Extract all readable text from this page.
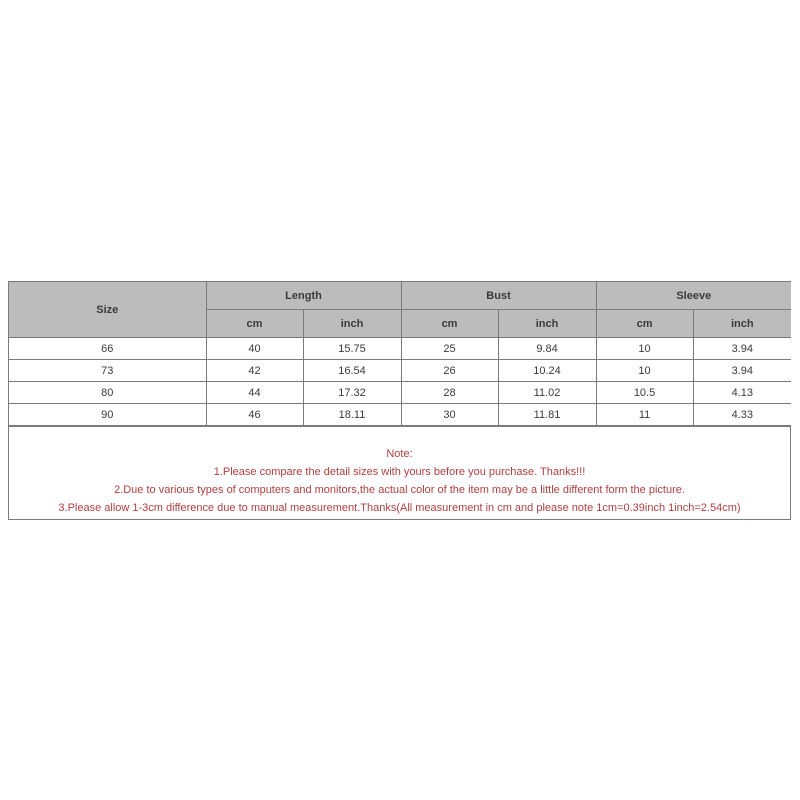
Size	Length		Bust		Sleeve	
	cm	inch	cm	inch	cm	inch
66	40	15.75	25	9.84	10	3.94
73	42	16.54	26	10.24	10	3.94
80	44	17.32	28	11.02	10.5	4.13
90	46	18.11	30	11.81	11	4.33
Note:
1.Please compare the detail sizes with yours before you purchase. Thanks!!!
2.Due to various types of computers and monitors,the actual color of the item may be a little different form the picture.
3.Please allow 1-3cm difference due to manual measurement.Thanks(All measurement in cm and please note 1cm=0.39inch 1inch=2.54cm)
